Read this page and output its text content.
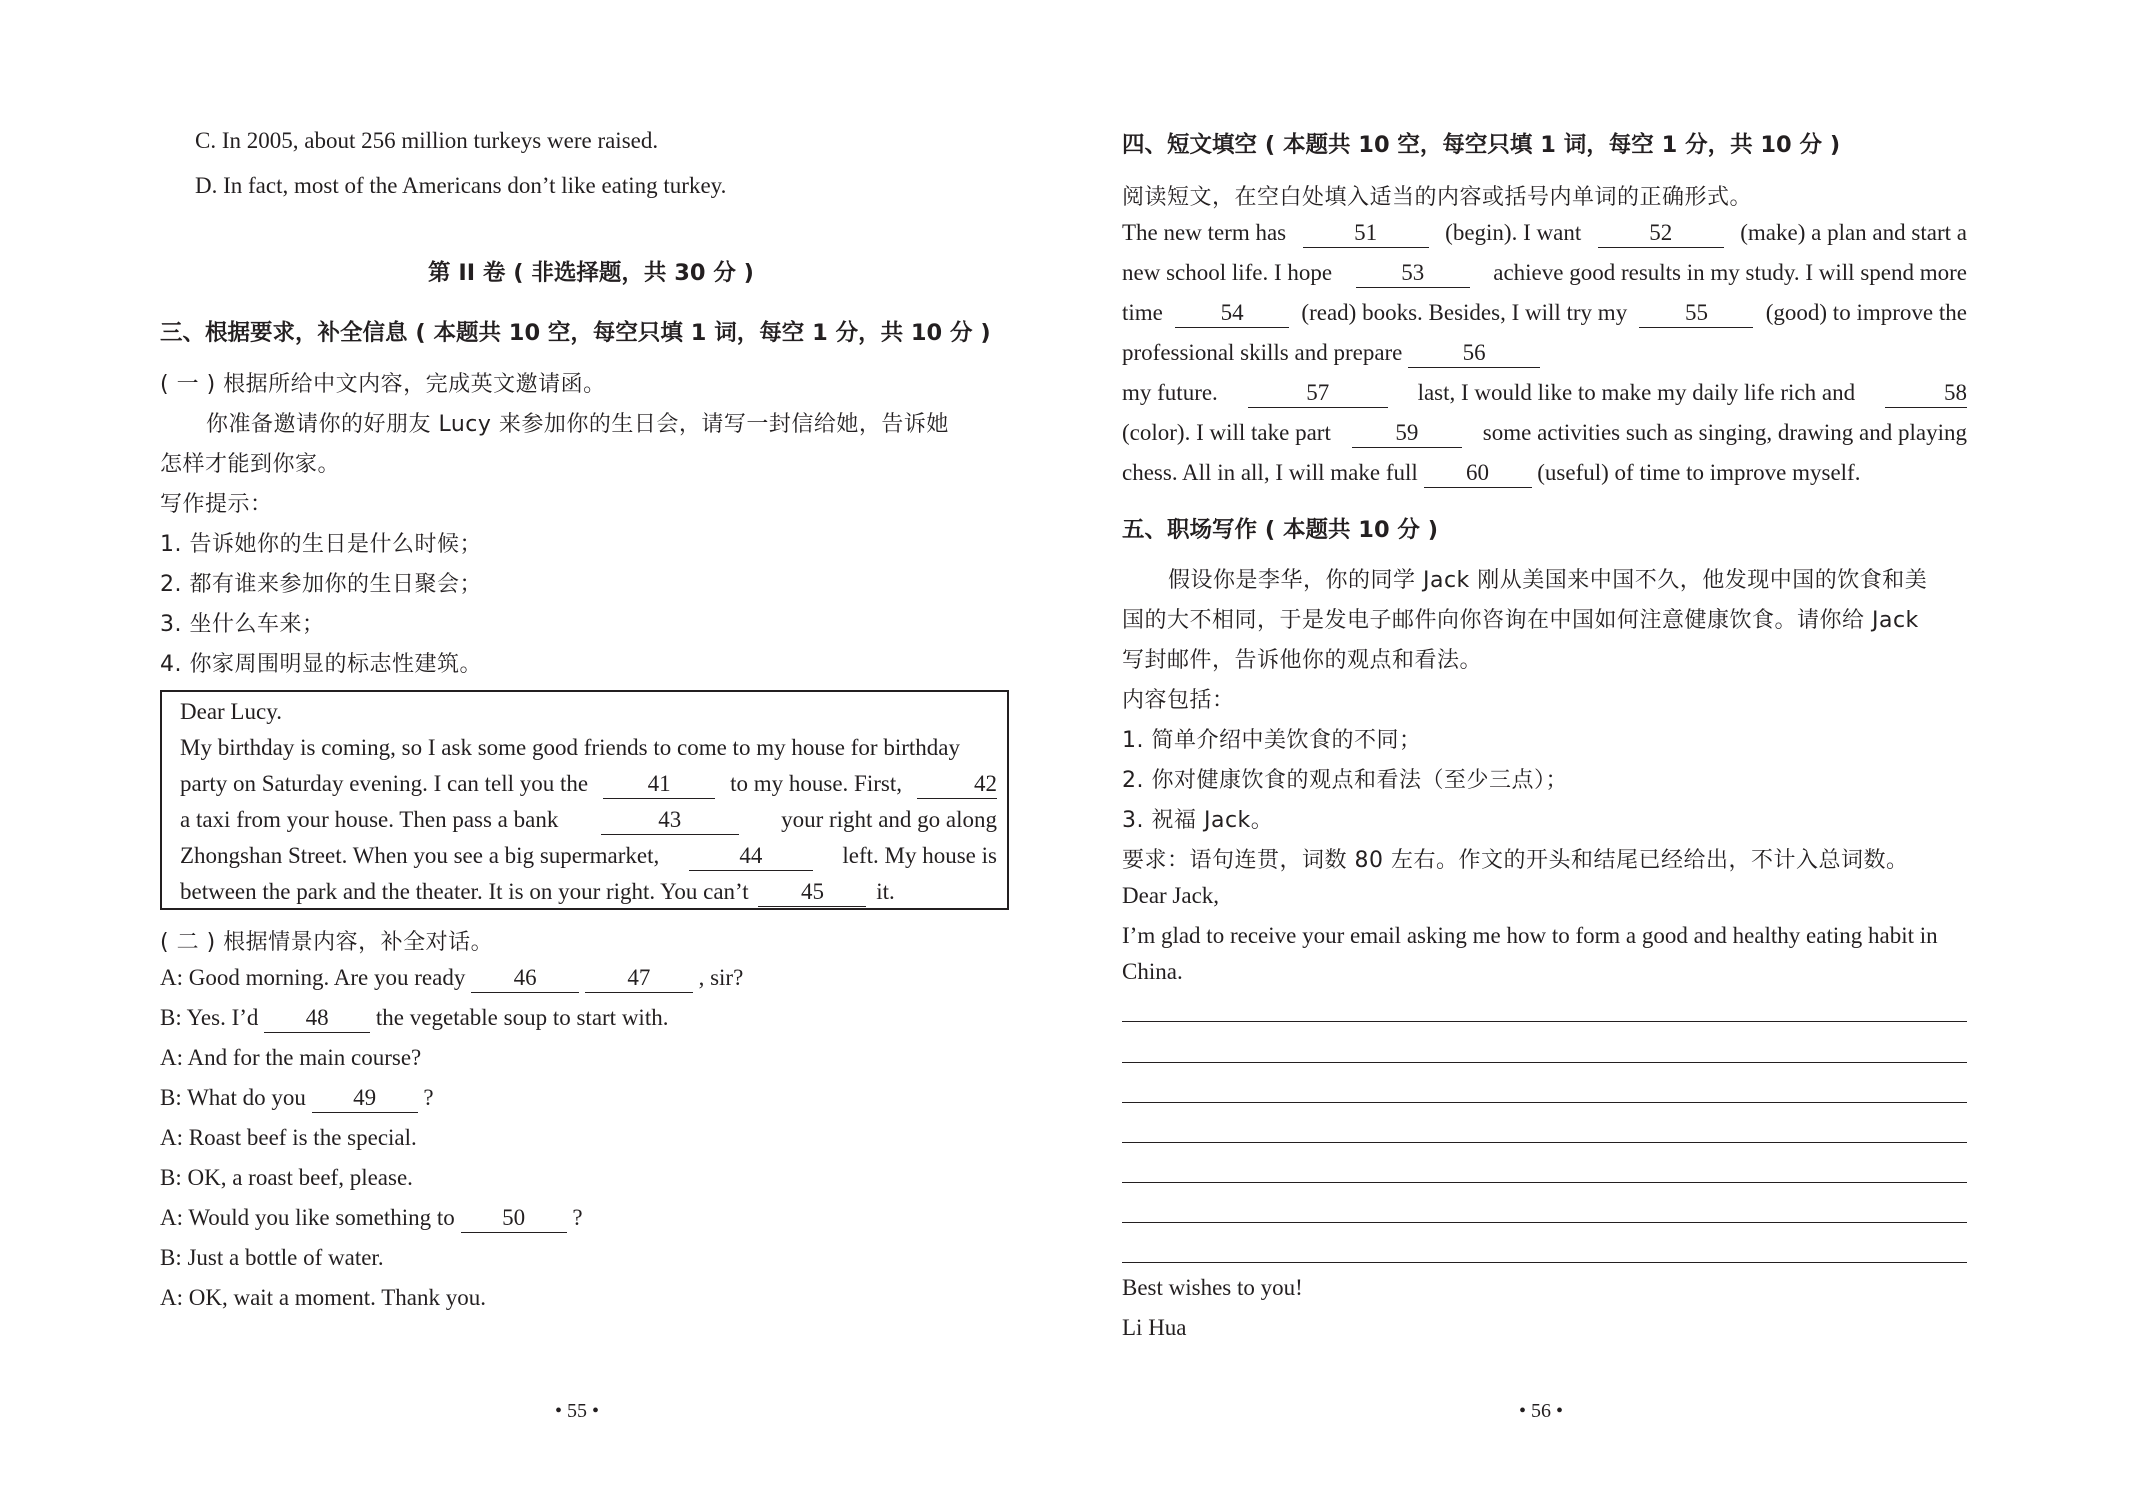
C. In 2005, about 256 million turkeys were raised.
D. In fact, most of the Americans don’t like eating turkey.
第 II 卷 ( 非选择题，共 30 分 )
三、根据要求，补全信息 ( 本题共 10 空，每空只填 1 词，每空 1 分，共 10 分 )
( 一 ) 根据所给中文内容，完成英文邀请函。
你准备邀请你的好朋友 Lucy 来参加你的生日会，请写一封信给她，告诉她
怎样才能到你家。
写作提示：
1. 告诉她你的生日是什么时候；
2. 都有谁来参加你的生日聚会；
3. 坐什么车来；
4. 你家周围明显的标志性建筑。
Dear Lucy.
My birthday is coming, so I ask some good friends to come to my house for birthday
party on Saturday evening. I can tell you the	41	to my house. First,	42
a taxi from your house. Then pass a bank	43	your right and go along
Zhongshan Street. When you see a big supermarket,	44	left. My house is
between the park and the theater. It is on your right. You can’t 45 it.
( 二 ) 根据情景内容，补全对话。
A: Good morning. Are you ready 46	47 , sir?
B: Yes. I’d 48 the vegetable soup to start with.
A: And for the main course?
B: What do you 49 ?
A: Roast beef is the special.
B: OK, a roast beef, please.
A: Would you like something to 50 ?
B: Just a bottle of water.
A: OK, wait a moment. Thank you.
• 55 •
四、短文填空 ( 本题共 10 空，每空只填 1 词，每空 1 分，共 10 分 )
阅读短文，在空白处填入适当的内容或括号内单词的正确形式。
The new term has	51	(begin). I want	52	(make) a plan and start a
new school life. I hope	53	achieve good results in my study. I will spend more
time	54	(read) books. Besides, I will try my	55	(good) to improve the
professional skills and prepare	56
my future.	57	last, I would like to make my daily life rich and	58
(color). I will take part	59	some activities such as singing, drawing and playing
chess. All in all, I will make full 60 (useful) of time to improve myself.
五、职场写作 ( 本题共 10 分 )
假设你是李华，你的同学 Jack 刚从美国来中国不久，他发现中国的饮食和美
国的大不相同，于是发电子邮件向你咨询在中国如何注意健康饮食。请你给 Jack
写封邮件，告诉他你的观点和看法。
内容包括：
1. 简单介绍中美饮食的不同；
2. 你对健康饮食的观点和看法（至少三点）；
3. 祝福 Jack。
要求：语句连贯，词数 80 左右。作文的开头和结尾已经给出，不计入总词数。
Dear Jack,
I’m glad to receive your email asking me how to form a good and healthy eating habit in
China.
Best wishes to you!
Li Hua
• 56 •
